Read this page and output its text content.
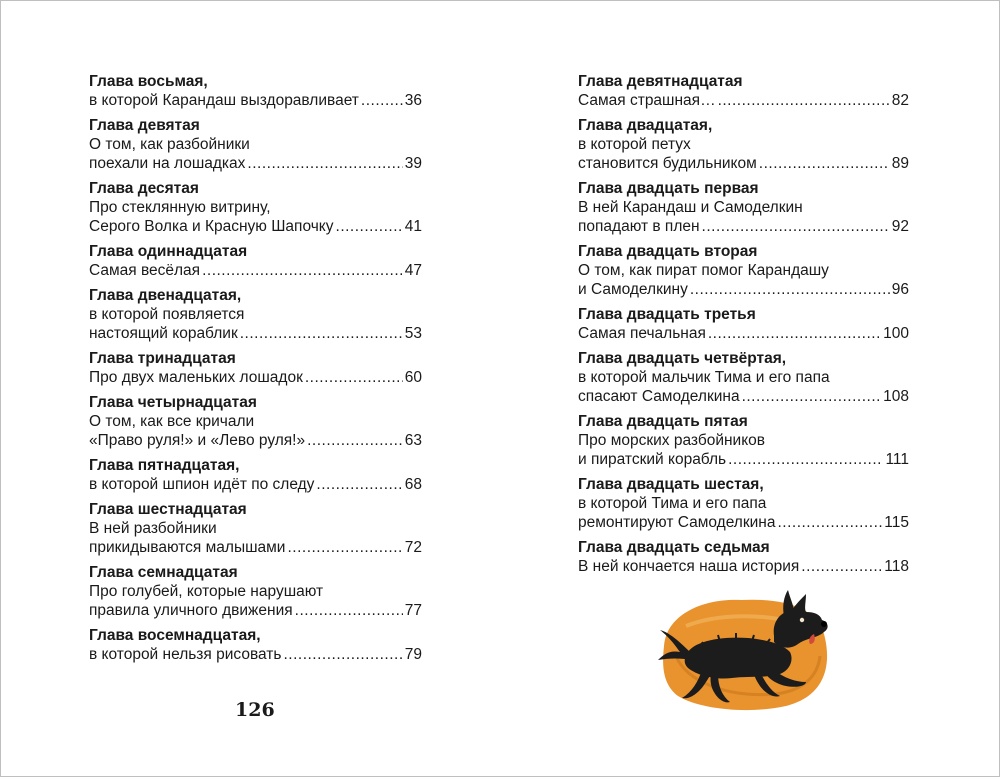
Глава восьмая,
в которой Карандаш выздоравливает .....	36
Глава девятая
О том, как разбойники
поехали на лошадках .....	39
Глава десятая
Про стеклянную витрину,
Серого Волка и Красную Шапочку .....	41
Глава одиннадцатая
Самая весёлая .....	47
Глава двенадцатая,
в которой появляется
настоящий кораблик .....	53
Глава тринадцатая
Про двух маленьких лошадок .....	60
Глава четырнадцатая
О том, как все кричали
«Право руля!» и «Лево руля!» .....	63
Глава пятнадцатая,
в которой шпион идёт по следу .....	68
Глава шестнадцатая
В ней разбойники
прикидываются малышами .....	72
Глава семнадцатая
Про голубей, которые нарушают
правила уличного движения .....	77
Глава восемнадцатая,
в которой нельзя рисовать .....	79
Глава девятнадцатая
Самая страшная… .....	82
Глава двадцатая,
в которой петух
становится будильником .....	89
Глава двадцать первая
В ней Карандаш и Самоделкин
попадают в плен .....	92
Глава двадцать вторая
О том, как пират помог Карандашу
и Самоделкину .....	96
Глава двадцать третья
Самая печальная .....	100
Глава двадцать четвёртая,
в которой мальчик Тима и его папа
спасают Самоделкина .....	108
Глава двадцать пятая
Про морских разбойников
и пиратский корабль .....	111
Глава двадцать шестая,
в которой Тима и его папа
ремонтируют Самоделкина .....	115
Глава двадцать седьмая
В ней кончается наша история .....	118
126
